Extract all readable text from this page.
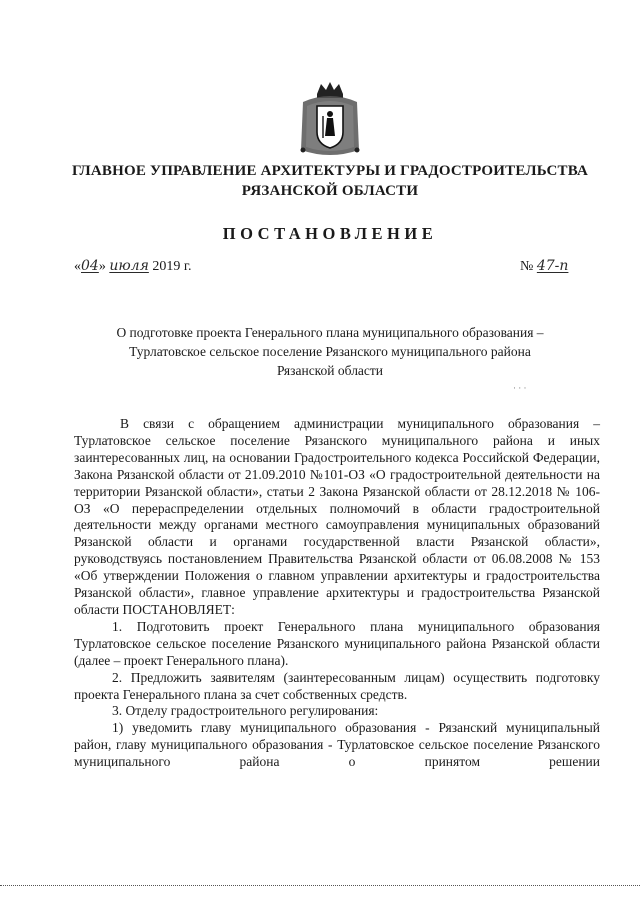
ГЛАВНОЕ УПРАВЛЕНИЕ АРХИТЕКТУРЫ И ГРАДОСТРОИТЕЛЬСТВА
РЯЗАНСКОЙ ОБЛАСТИ
ПОСТАНОВЛЕНИЕ
«04» июля 2019 г.	№ 47-п
О подготовке проекта Генерального плана муниципального образования –
Турлатовское сельское поселение Рязанского муниципального района
Рязанской области
· · ·

В связи с обращением администрации муниципального образования – Турлатовское сельское поселение Рязанского муниципального района и иных заинтересованных лиц, на основании Градостроительного кодекса Российской Федерации, Закона Рязанской области от 21.09.2010 №101-ОЗ «О градостроительной деятельности на территории Рязанской области», статьи 2 Закона Рязанской области от 28.12.2018 № 106-ОЗ «О перераспределении отдельных полномочий в области градостроительной деятельности между органами местного самоуправления муниципальных образований Рязанской области и органами государственной власти Рязанской области», руководствуясь постановлением Правительства Рязанской области от 06.08.2008 № 153 «Об утверждении Положения о главном управлении архитектуры и градостроительства Рязанской области», главное управление архитектуры и градостроительства Рязанской области ПОСТАНОВЛЯЕТ:

1. Подготовить проект Генерального плана муниципального образования Турлатовское сельское поселение Рязанского муниципального района Рязанской области (далее – проект Генерального плана).

2. Предложить заявителям (заинтересованным лицам) осуществить подготовку проекта Генерального плана за счет собственных средств.

3. Отделу градостроительного регулирования:

1) уведомить главу муниципального образования - Рязанский муниципальный район, главу муниципального образования - Турлатовское сельское поселение Рязанского муниципального района о принятом решении
